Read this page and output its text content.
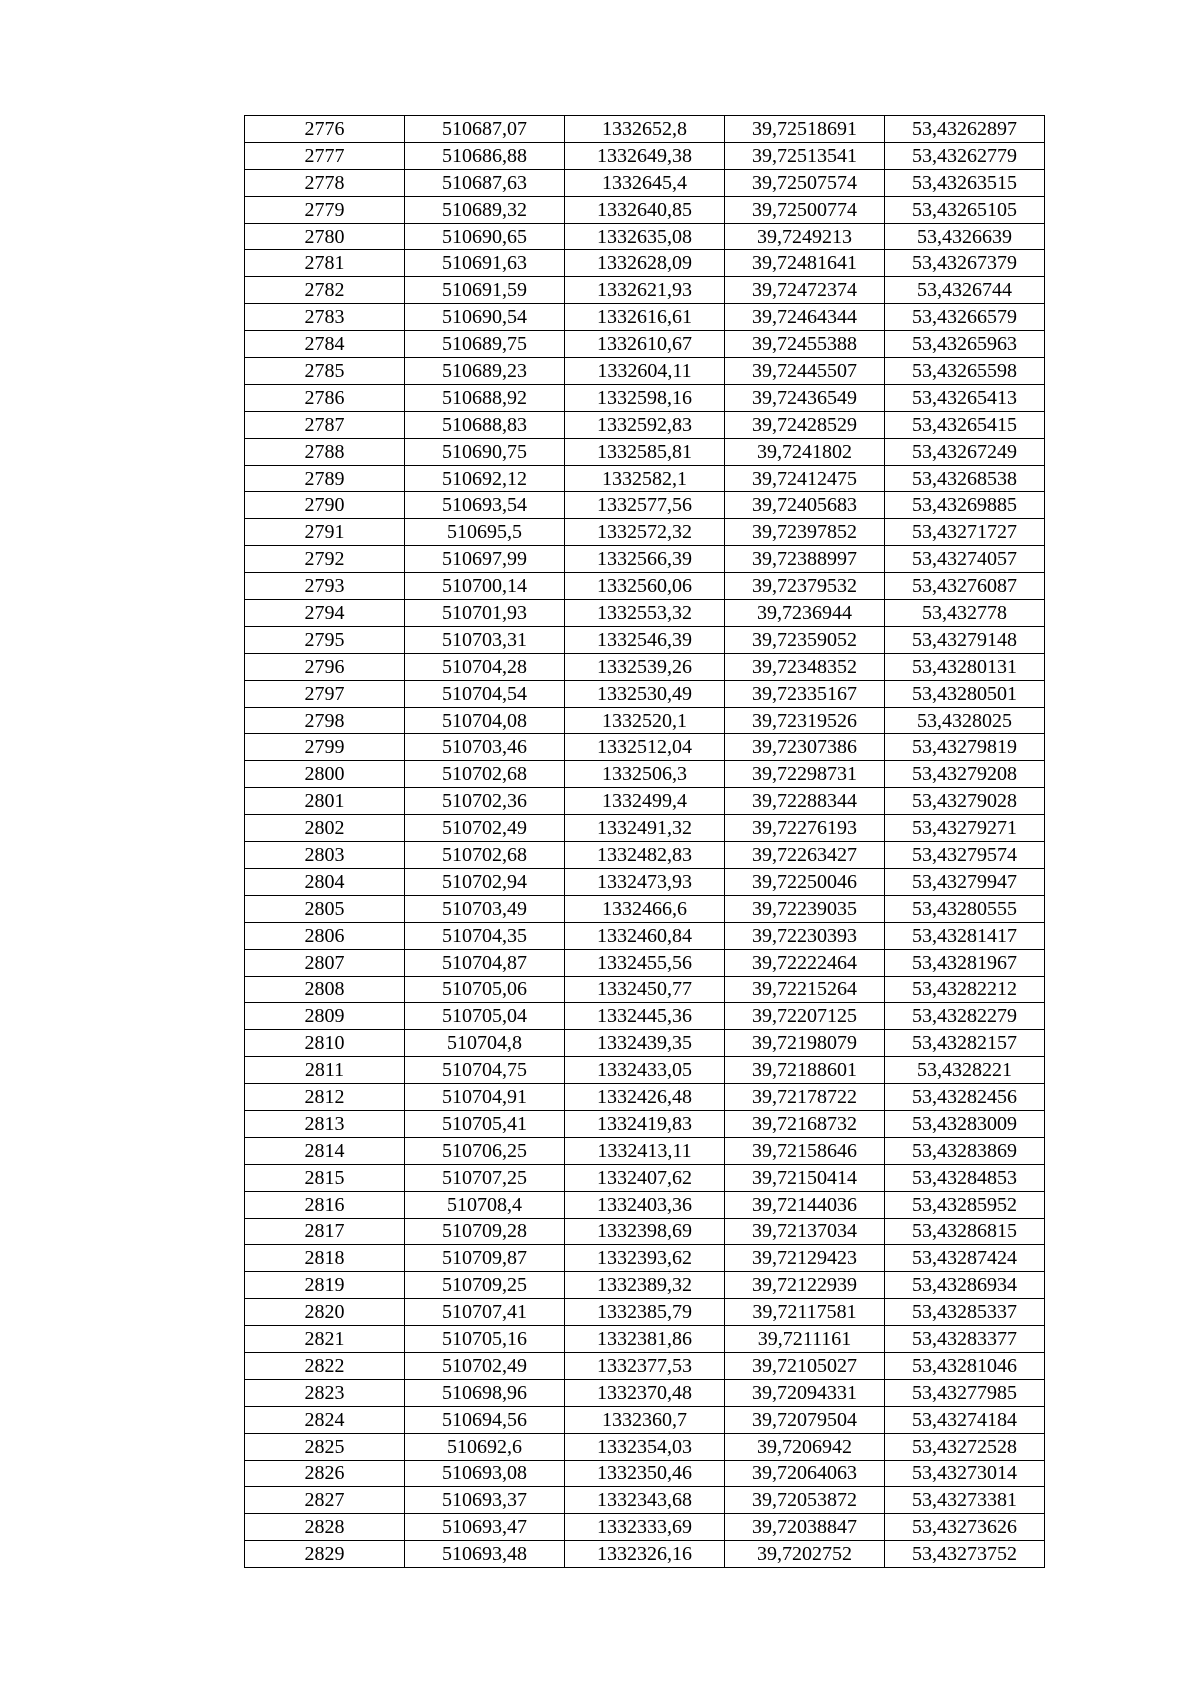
2776	510687,07	1332652,8	39,72518691	53,43262897
2777	510686,88	1332649,38	39,72513541	53,43262779
2778	510687,63	1332645,4	39,72507574	53,43263515
2779	510689,32	1332640,85	39,72500774	53,43265105
2780	510690,65	1332635,08	39,7249213	53,4326639
2781	510691,63	1332628,09	39,72481641	53,43267379
2782	510691,59	1332621,93	39,72472374	53,4326744
2783	510690,54	1332616,61	39,72464344	53,43266579
2784	510689,75	1332610,67	39,72455388	53,43265963
2785	510689,23	1332604,11	39,72445507	53,43265598
2786	510688,92	1332598,16	39,72436549	53,43265413
2787	510688,83	1332592,83	39,72428529	53,43265415
2788	510690,75	1332585,81	39,7241802	53,43267249
2789	510692,12	1332582,1	39,72412475	53,43268538
2790	510693,54	1332577,56	39,72405683	53,43269885
2791	510695,5	1332572,32	39,72397852	53,43271727
2792	510697,99	1332566,39	39,72388997	53,43274057
2793	510700,14	1332560,06	39,72379532	53,43276087
2794	510701,93	1332553,32	39,7236944	53,432778
2795	510703,31	1332546,39	39,72359052	53,43279148
2796	510704,28	1332539,26	39,72348352	53,43280131
2797	510704,54	1332530,49	39,72335167	53,43280501
2798	510704,08	1332520,1	39,72319526	53,4328025
2799	510703,46	1332512,04	39,72307386	53,43279819
2800	510702,68	1332506,3	39,72298731	53,43279208
2801	510702,36	1332499,4	39,72288344	53,43279028
2802	510702,49	1332491,32	39,72276193	53,43279271
2803	510702,68	1332482,83	39,72263427	53,43279574
2804	510702,94	1332473,93	39,72250046	53,43279947
2805	510703,49	1332466,6	39,72239035	53,43280555
2806	510704,35	1332460,84	39,72230393	53,43281417
2807	510704,87	1332455,56	39,72222464	53,43281967
2808	510705,06	1332450,77	39,72215264	53,43282212
2809	510705,04	1332445,36	39,72207125	53,43282279
2810	510704,8	1332439,35	39,72198079	53,43282157
2811	510704,75	1332433,05	39,72188601	53,4328221
2812	510704,91	1332426,48	39,72178722	53,43282456
2813	510705,41	1332419,83	39,72168732	53,43283009
2814	510706,25	1332413,11	39,72158646	53,43283869
2815	510707,25	1332407,62	39,72150414	53,43284853
2816	510708,4	1332403,36	39,72144036	53,43285952
2817	510709,28	1332398,69	39,72137034	53,43286815
2818	510709,87	1332393,62	39,72129423	53,43287424
2819	510709,25	1332389,32	39,72122939	53,43286934
2820	510707,41	1332385,79	39,72117581	53,43285337
2821	510705,16	1332381,86	39,7211161	53,43283377
2822	510702,49	1332377,53	39,72105027	53,43281046
2823	510698,96	1332370,48	39,72094331	53,43277985
2824	510694,56	1332360,7	39,72079504	53,43274184
2825	510692,6	1332354,03	39,7206942	53,43272528
2826	510693,08	1332350,46	39,72064063	53,43273014
2827	510693,37	1332343,68	39,72053872	53,43273381
2828	510693,47	1332333,69	39,72038847	53,43273626
2829	510693,48	1332326,16	39,7202752	53,43273752
